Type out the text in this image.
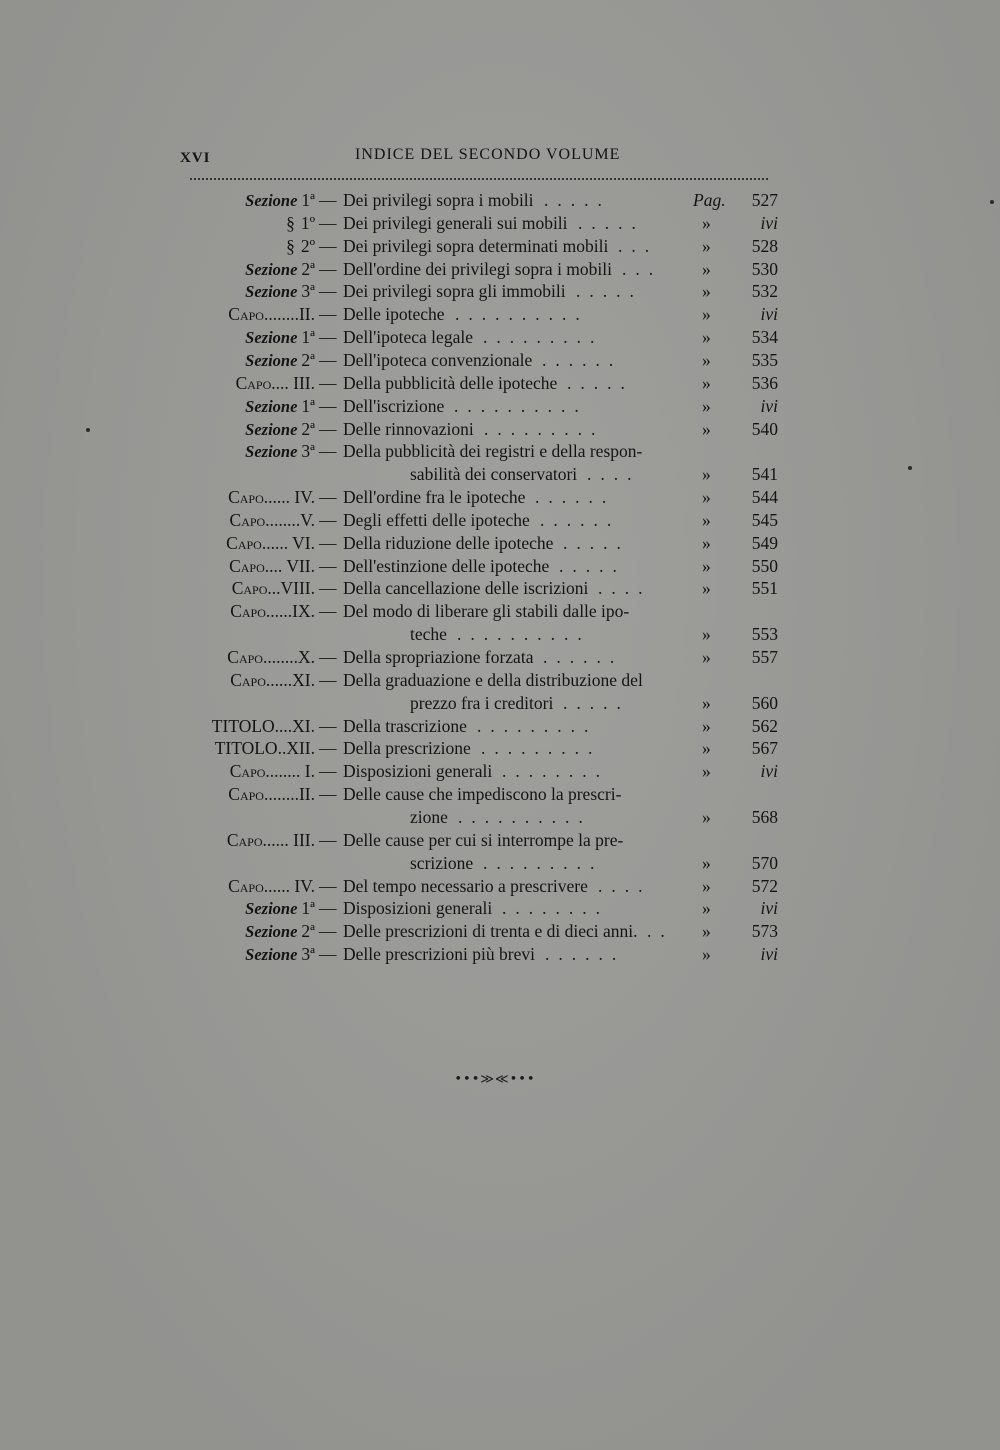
XVI	INDICE DEL SECONDO VOLUME
Sezione 1ª — Dei privilegi sopra i mobili .....	Pag. 527
§ 1º — Dei privilegi generali sui mobili .....	»	ivi
§ 2º — Dei privilegi sopra determinati mobili ...	» 528
Sezione 2ª — Dell'ordine dei privilegi sopra i mobili ... » 530
Sezione 3ª — Dei privilegi sopra gli immobili .....	» 532
Capo........II. — Delle ipoteche ..........	»	ivi
Sezione 1ª — Dell'ipoteca legale .........	» 534
Sezione 2ª — Dell'ipoteca convenzionale ......	» 535
Capo.... III. — Della pubblicità delle ipoteche .....	» 536
Sezione 1ª — Dell'iscrizione ..........	»	ivi
Sezione 2ª — Delle rinnovazioni .........	» 540
Sezione 3ª — Della pubblicità dei registri e della respon-
sabilità dei conservatori ....	» 541
Capo...... IV. — Dell'ordine fra le ipoteche ......	» 544
Capo........V. — Degli effetti delle ipoteche ......	» 545
Capo...... VI. — Della riduzione delle ipoteche .....	» 549
Capo.... VII. — Dell'estinzione delle ipoteche .....	» 550
Capo...VIII. — Della cancellazione delle iscrizioni ....	» 551
Capo......IX. — Del modo di liberare gli stabili dalle ipo-
teche ..........	» 553
Capo........X. — Della spropriazione forzata ......	» 557
Capo......XI. — Della graduazione e della distribuzione del
prezzo fra i creditori .....	» 560
TITOLO....XI. — Della trascrizione .........	» 562
TITOLO..XII. — Della prescrizione .........	» 567
Capo........ I. — Disposizioni generali ........	»	ivi
Capo........II. — Delle cause che impediscono la prescri-
zione ..........	» 568
Capo...... III. — Delle cause per cui si interrompe la pre-
scrizione .........	» 570
Capo...... IV. — Del tempo necessario a prescrivere ....	» 572
Sezione 1ª — Disposizioni generali ........	»	ivi
Sezione 2ª — Delle prescrizioni di trenta e di dieci anni. .. » 573
Sezione 3ª — Delle prescrizioni più brevi ......	»	ivi
•••≫≪•••
